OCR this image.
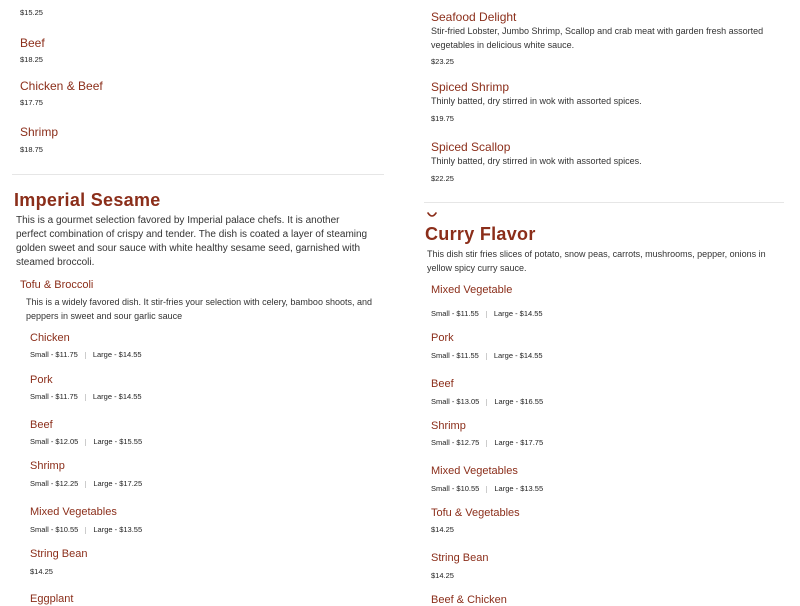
$15.25
Beef
$18.25
Chicken & Beef
$17.75
Shrimp
$18.75
Imperial Sesame
This is a gourmet selection favored by Imperial palace chefs. It is another perfect combination of crispy and tender. The dish is coated a layer of steaming golden sweet and sour sauce with white healthy sesame seed, garnished with steamed broccoli.
Tofu & Broccoli
This is a widely favored dish. It stir-fries your selection with celery, bamboo shoots, and peppers in sweet and sour garlic sauce
Chicken
Small - $11.75 Large - $14.55
Pork
Small - $11.75 Large - $14.55
Beef
Small - $12.05 Large - $15.55
Shrimp
Small - $12.25 Large - $17.25
Mixed Vegetables
Small - $10.55 Large - $13.55
String Bean
$14.25
Eggplant
Seafood Delight
Stir-fried Lobster, Jumbo Shrimp, Scallop and crab meat with garden fresh assorted vegetables in delicious white sauce.
$23.25
Spiced Shrimp
Thinly batted, dry stirred in wok with assorted spices.
$19.75
Spiced Scallop
Thinly batted, dry stirred in wok with assorted spices.
$22.25
Curry Flavor
This dish stir fries slices of potato, snow peas, carrots, mushrooms, pepper, onions in yellow spicy curry sauce.
Mixed Vegetable
Small - $11.55 Large - $14.55
Pork
Small - $11.55 Large - $14.55
Beef
Small - $13.05 Large - $16.55
Shrimp
Small - $12.75 Large - $17.75
Mixed Vegetables
Small - $10.55 Large - $13.55
Tofu & Vegetables
$14.25
String Bean
$14.25
Beef & Chicken
